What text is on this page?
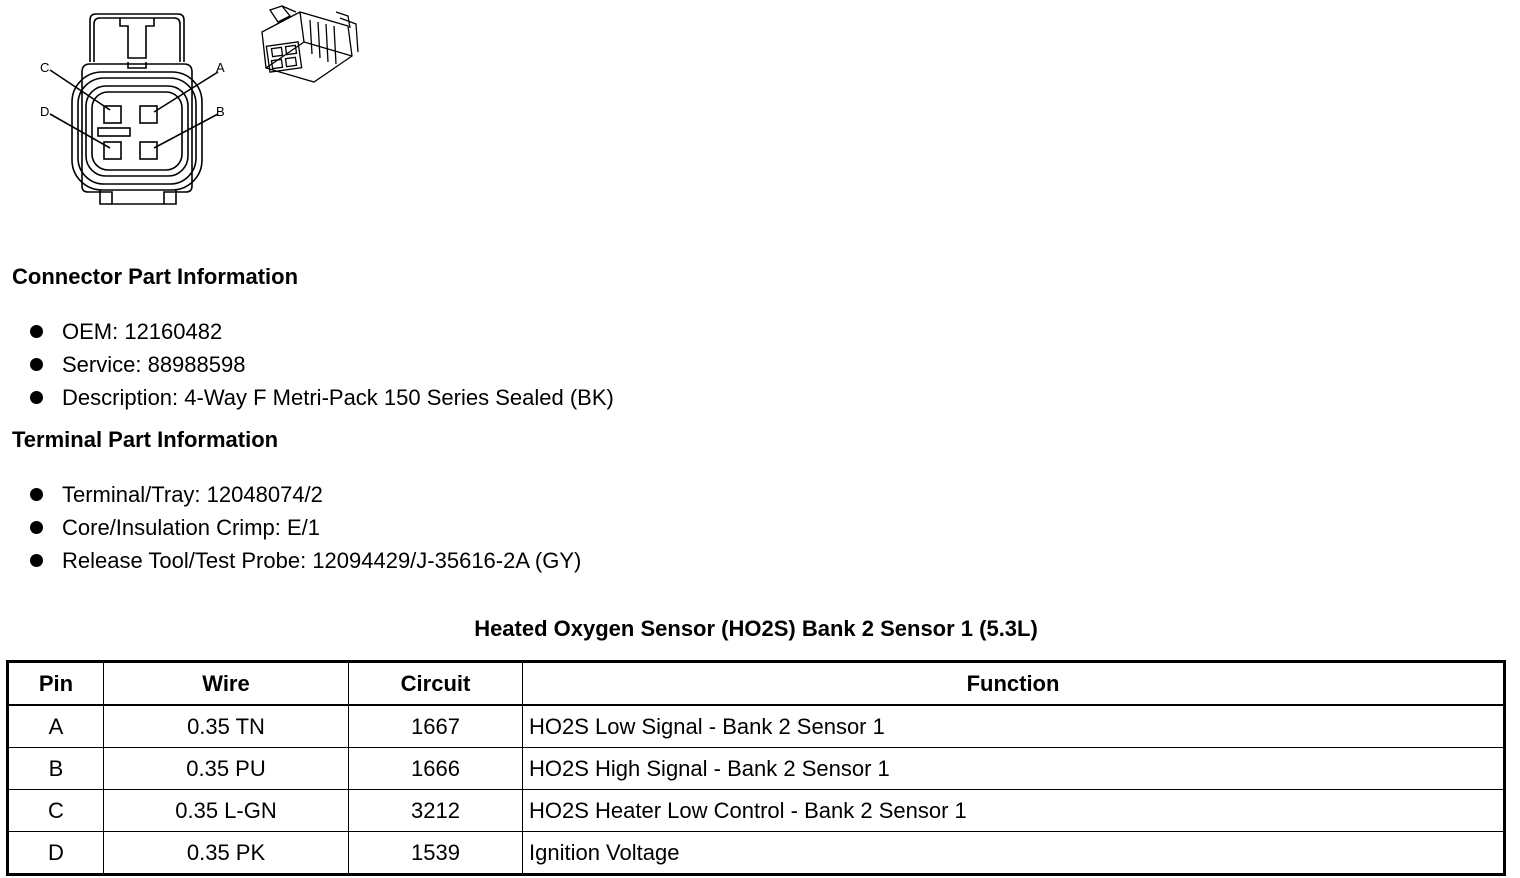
C	A
D	B
Connector Part Information
OEM: 12160482
Service: 88988598
Description: 4-Way F Metri-Pack 150 Series Sealed (BK)
Terminal Part Information
Terminal/Tray: 12048074/2
Core/Insulation Crimp: E/1
Release Tool/Test Probe: 12094429/J-35616-2A (GY)
Heated Oxygen Sensor (HO2S) Bank 2 Sensor 1 (5.3L)
Pin	Wire	Circuit	Function
A	0.35 TN	1667	HO2S Low Signal - Bank 2 Sensor 1
B	0.35 PU	1666	HO2S High Signal - Bank 2 Sensor 1
C	0.35 L-GN	3212	HO2S Heater Low Control - Bank 2 Sensor 1
D	0.35 PK	1539	Ignition Voltage
